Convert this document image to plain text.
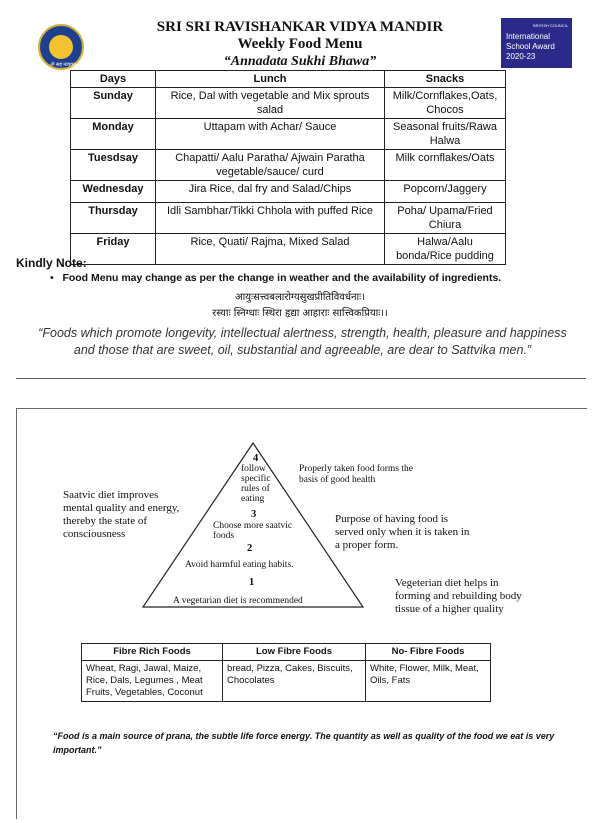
ॐ सह नाववतु
SRI SRI RAVISHANKAR VIDYA MANDIR
Weekly Food Menu
“Annadata Sukhi Bhawa”
BRITISH COUNCIL
International
School Award
2020-23
Days	Lunch	Snacks
Sunday	Rice, Dal with vegetable and Mix sprouts salad	Milk/Cornflakes,Oats, Chocos
Monday	Uttapam with Achar/ Sauce	Seasonal fruits/Rawa Halwa
Tuesdsay	Chapatti/ Aalu Paratha/ Ajwain Paratha vegetable/sauce/ curd	Milk cornflakes/Oats
Wednesday	Jira Rice, dal fry and Salad/Chips	Popcorn/Jaggery
Thursday	Idli Sambhar/Tikki Chhola with puffed Rice	Poha/ Upama/Fried Chiura
Friday	Rice, Quati/ Rajma, Mixed Salad	Halwa/Aalu bonda/Rice pudding
Kindly Note:
•   Food Menu may change as per the change in weather and the availability of ingredients.
आयुःसत्त्वबलारोग्यसुखप्रीतिविवर्धनाः।
रस्याः स्निग्धाः स्थिरा हृद्या आहाराः सात्त्विकप्रियाः।।
“Foods which promote longevity, intellectual alertness, strength, health, pleasure and happiness and those that are sweet, oil, substantial and agreeable, are dear to Sattvika men.”
4
follow specific rules of eating
3
Choose more saatvic foods
2
Avoid harmful eating habits.
1
A vegetarian diet is recommended
Properly taken food forms the basis of good health
Saatvic diet improves mental quality and energy, thereby the state of consciousness
Purpose of having food is served only when it is taken in a proper form.
Vegeterian diet helps in forming and rebuilding body tissue of a higher quality
Fibre Rich Foods	Low Fibre Foods	No- Fibre Foods
Wheat, Ragi, Jawal, Maize, Rice, Dals, Legumes , Meat Fruits, Vegetables, Coconut	bread, Pizza, Cakes, Biscuits, Chocolates	White, Flower, Milk, Meat, Oils, Fats
“Food is a main source of prana, the subtle life force energy. The quantity as well as quality of the food we eat is very important.”
